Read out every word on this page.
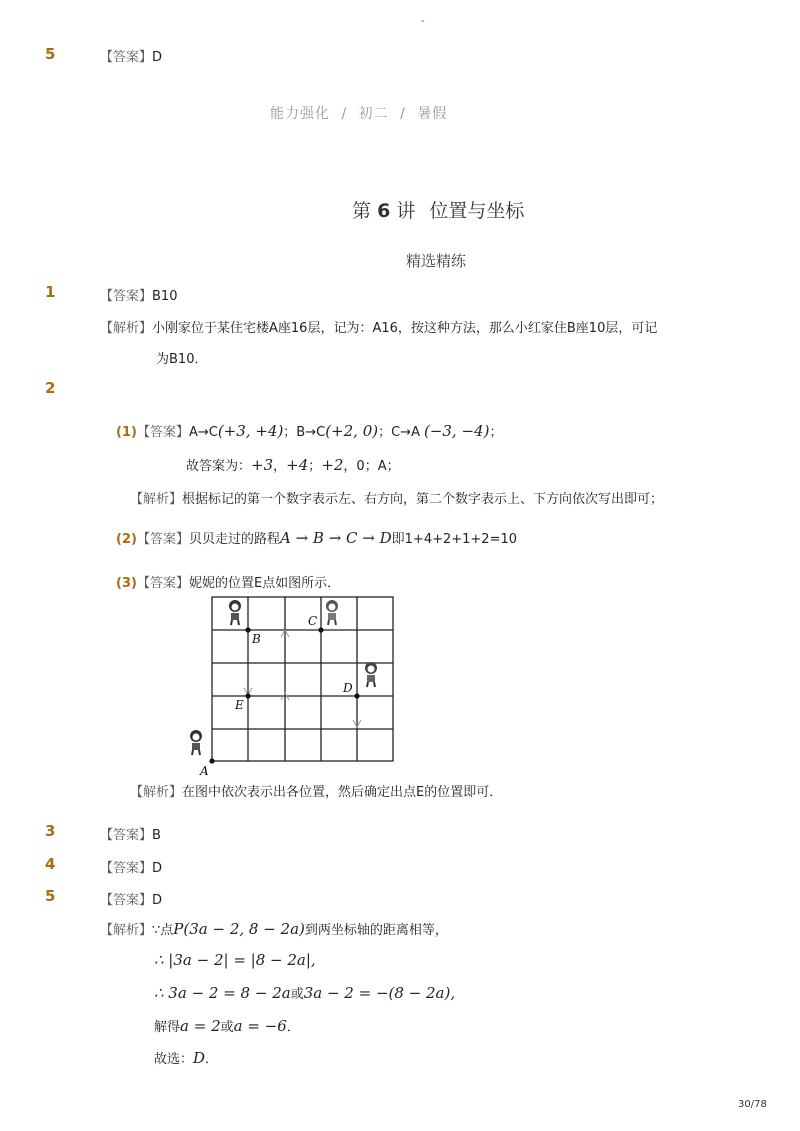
-
5	【答案】D
能力强化 / 初二 / 暑假
第 6 讲 位置与坐标
精选精练
1	【答案】B10
【解析】小刚家位于某住宅楼A座16层，记为：A16，按这种方法，那么小红家住B座10层，可记
为B10．
2
(1)【答案】A→C(+3, +4)；B→C(+2, 0)；C→A (−3, −4)；
故答案为：+3，+4；+2，0；A；
【解析】根据标记的第一个数字表示左、右方向，第二个数字表示上、下方向依次写出即可；
(2)【答案】贝贝走过的路程A → B → C → D即1+4+2+1+2=10
(3)【答案】妮妮的位置E点如图所示．
A
B
C
D
E
【解析】在图中依次表示出各位置，然后确定出点E的位置即可．
3	【答案】B
4	【答案】D
5	【答案】D
【解析】∵点P(3a − 2, 8 − 2a)到两坐标轴的距离相等，
∴ |3a − 2| = |8 − 2a|,
∴ 3a − 2 = 8 − 2a或3a − 2 = −(8 − 2a),
解得a = 2或a = −6．
故选：D．
30/78
